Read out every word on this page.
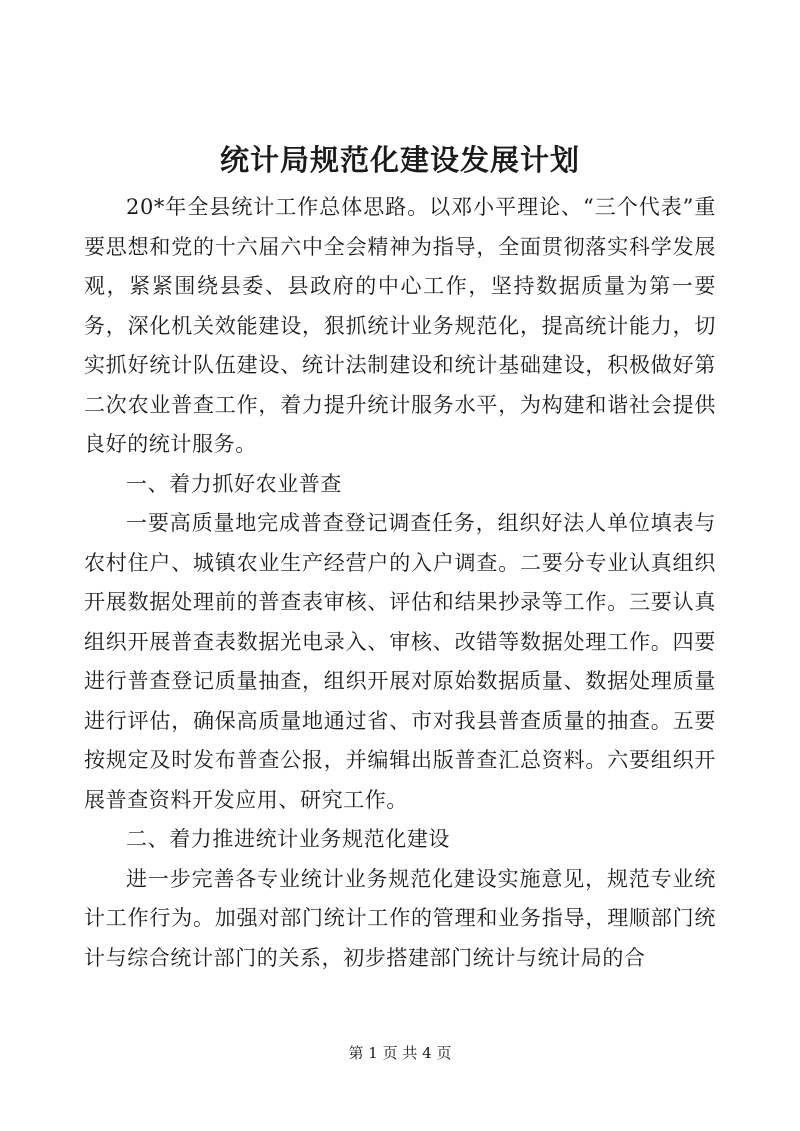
统计局规范化建设发展计划

20*年全县统计工作总体思路。以邓小平理论、“三个代表”重要思想和党的十六届六中全会精神为指导，全面贯彻落实科学发展观，紧紧围绕县委、县政府的中心工作，坚持数据质量为第一要务，深化机关效能建设，狠抓统计业务规范化，提高统计能力，切实抓好统计队伍建设、统计法制建设和统计基础建设，积极做好第二次农业普查工作，着力提升统计服务水平，为构建和谐社会提供良好的统计服务。

一、着力抓好农业普查

一要高质量地完成普查登记调查任务，组织好法人单位填表与农村住户、城镇农业生产经营户的入户调查。二要分专业认真组织开展数据处理前的普查表审核、评估和结果抄录等工作。三要认真组织开展普查表数据光电录入、审核、改错等数据处理工作。四要进行普查登记质量抽查，组织开展对原始数据质量、数据处理质量进行评估，确保高质量地通过省、市对我县普查质量的抽查。五要按规定及时发布普查公报，并编辑出版普查汇总资料。六要组织开展普查资料开发应用、研究工作。

二、着力推进统计业务规范化建设

进一步完善各专业统计业务规范化建设实施意见，规范专业统计工作行为。加强对部门统计工作的管理和业务指导，理顺部门统计与综合统计部门的关系，初步搭建部门统计与统计局的合

第 1 页 共 4 页
